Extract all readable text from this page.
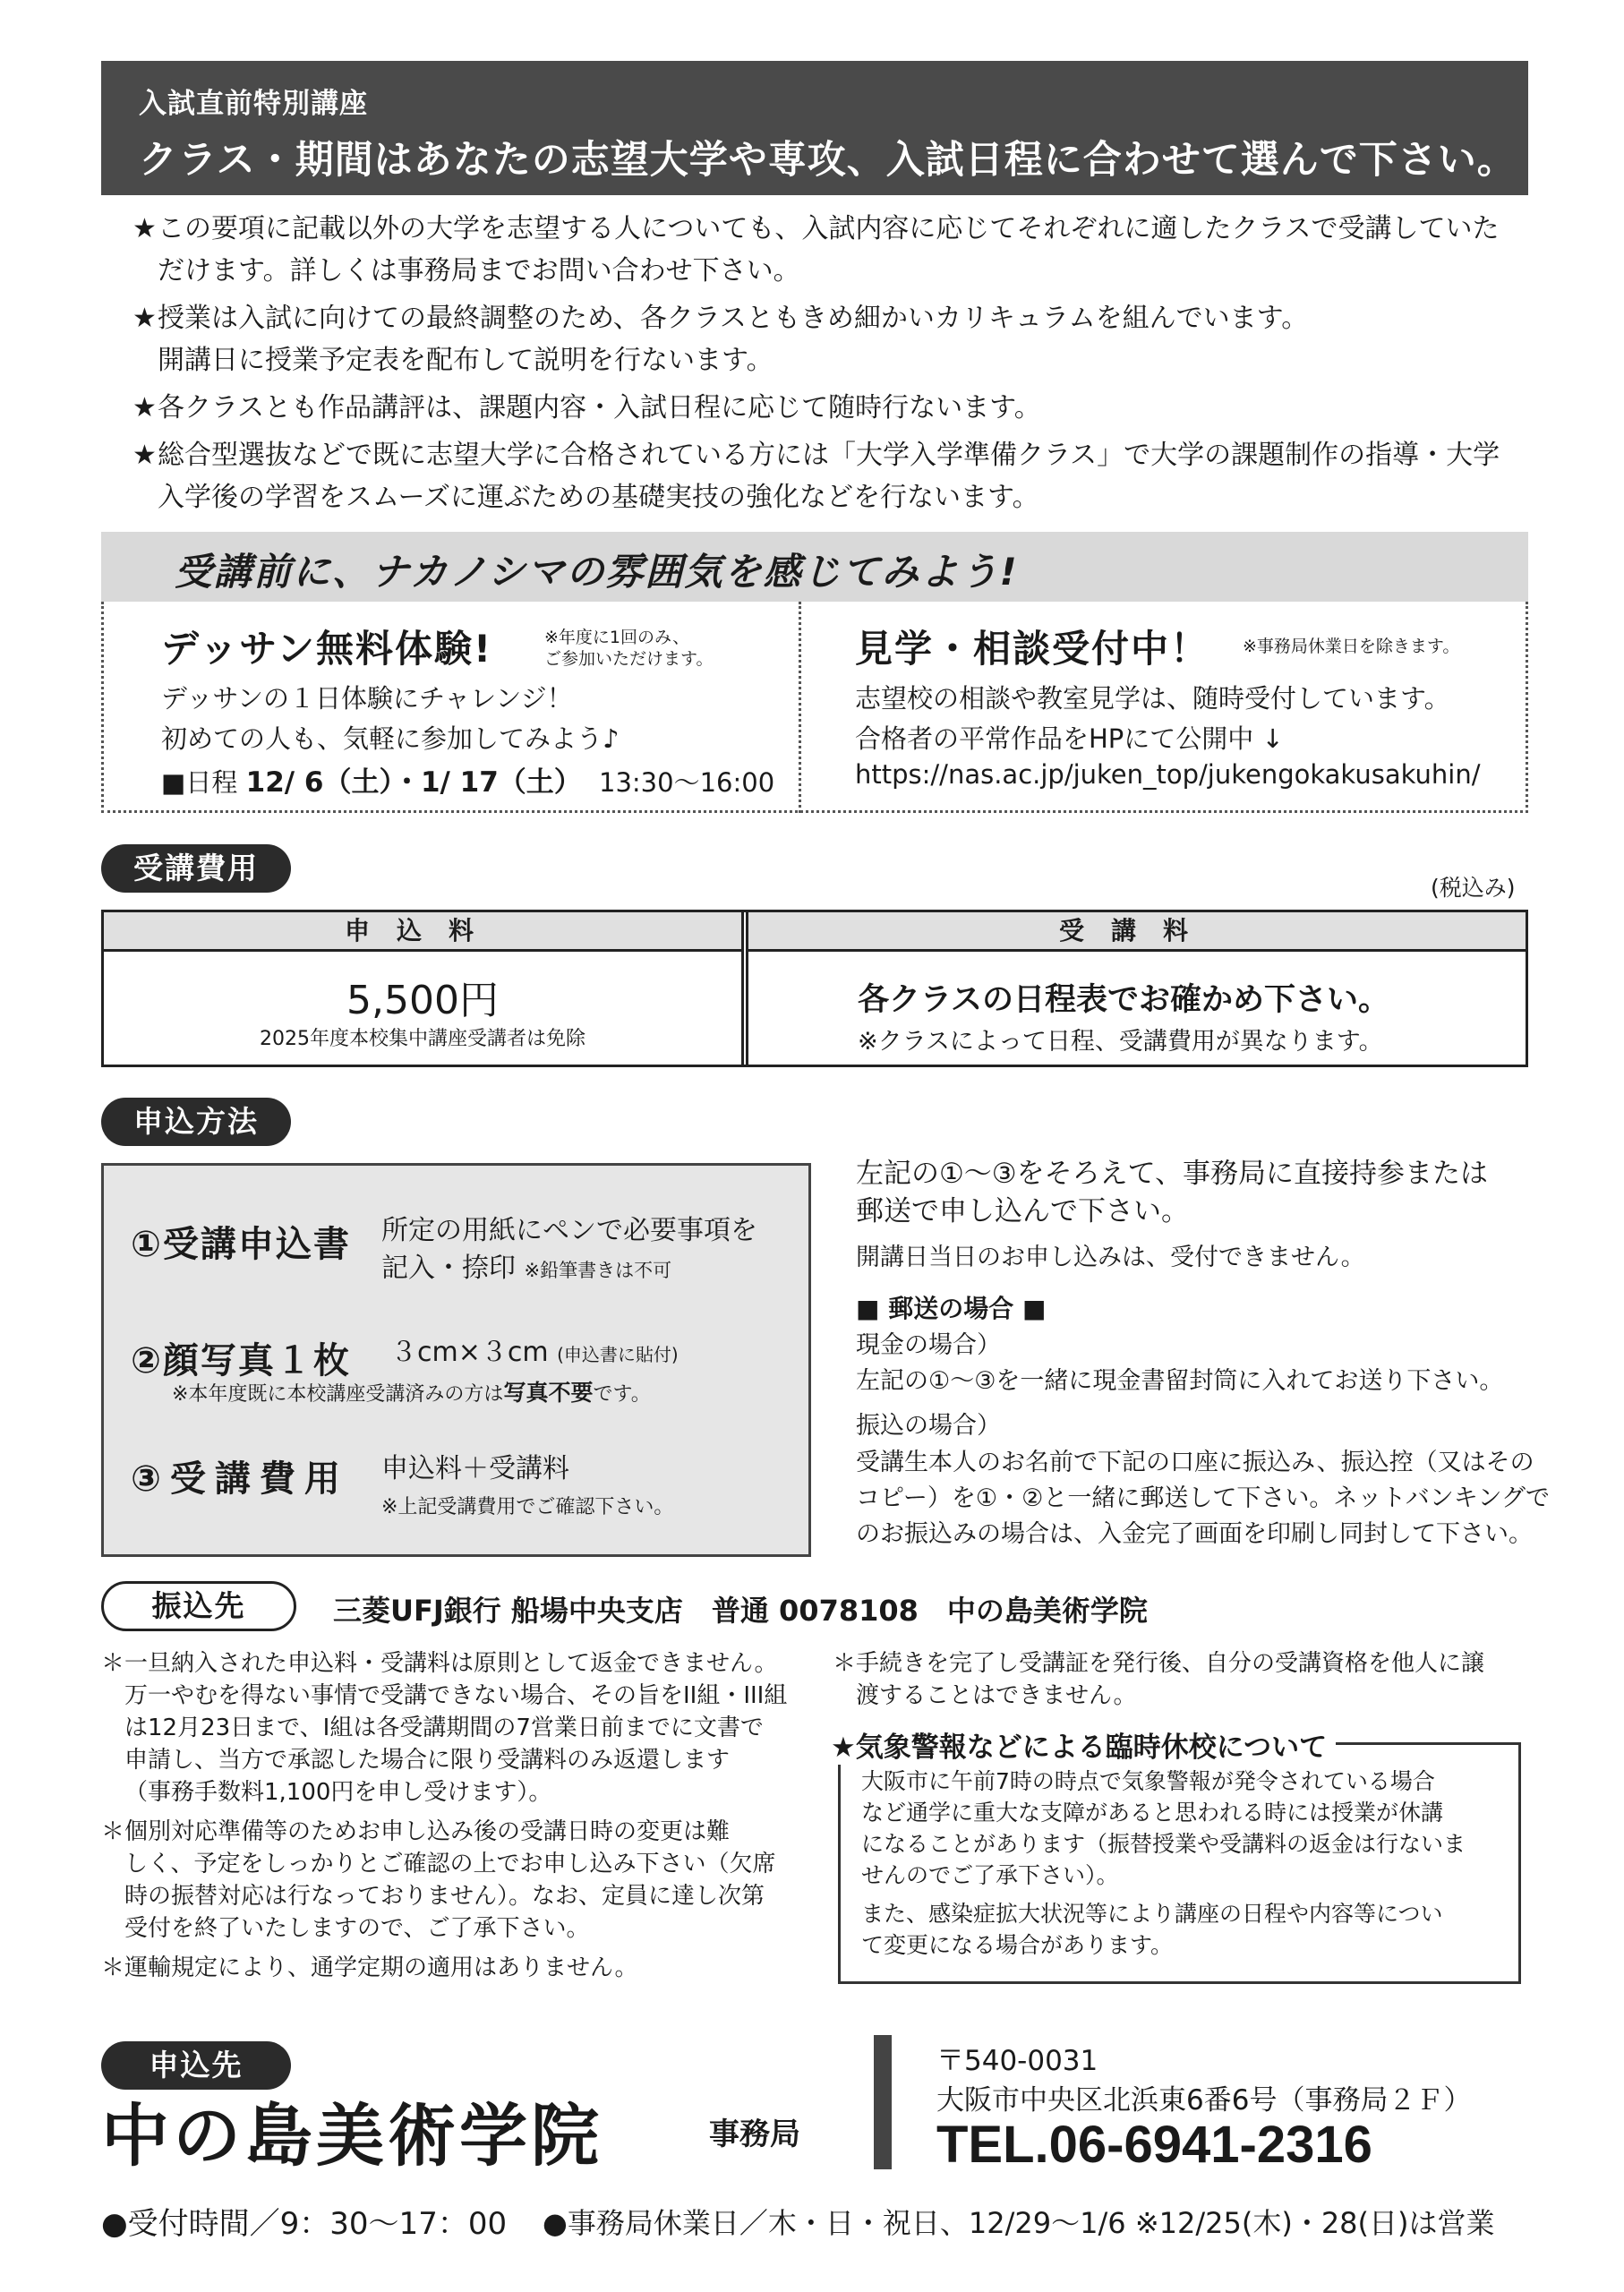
入試直前特別講座
クラス・期間はあなたの志望大学や専攻、入試日程に合わせて選んで下さい。
★ この要項に記載以外の大学を志望する人についても、入試内容に応じてそれぞれに適したクラスで受講していた
だけます。詳しくは事務局までお問い合わせ下さい。
★ 授業は入試に向けての最終調整のため、各クラスともきめ細かいカリキュラムを組んでいます。
開講日に授業予定表を配布して説明を行ないます。
★ 各クラスとも作品講評は、課題内容・入試日程に応じて随時行ないます。
★ 総合型選抜などで既に志望大学に合格されている方には「大学入学準備クラス」で大学の課題制作の指導・大学
入学後の学習をスムーズに運ぶための基礎実技の強化などを行ないます。
受講前に、ナカノシマの雰囲気を感じてみよう!
デッサン無料体験!	※年度に1回のみ、
ご参加いただけます。
デッサンの１日体験にチャレンジ！
初めての人も、気軽に参加してみよう♪
■日程 12/ 6（土）・1/ 17（土） 13:30〜16:00
見学・相談受付中！ ※事務局休業日を除きます。
志望校の相談や教室見学は、随時受付しています。
合格者の平常作品をHPにて公開中 ↓
https://nas.ac.jp/juken_top/jukengokakusakuhin/
受講費用
(税込み)
申込料	受講料
5,500円
2025年度本校集中講座受講者は免除
各クラスの日程表でお確かめ下さい。
※クラスによって日程、受講費用が異なります。
申込方法
①受講申込書 所定の用紙にペンで必要事項を
記入・捺印 ※鉛筆書きは不可
②顔写真１枚 ３cm×３cm (申込書に貼付)
※本年度既に本校講座受講済みの方は写真不要です。
③受講費用 申込料＋受講料
※上記受講費用でご確認下さい。
左記の①〜③をそろえて、事務局に直接持参または
郵送で申し込んで下さい。
開講日当日のお申し込みは、受付できません。
■ 郵送の場合 ■
現金の場合）
左記の①〜③を一緒に現金書留封筒に入れてお送り下さい。
振込の場合）
受講生本人のお名前で下記の口座に振込み、振込控（又はその
コピー）を①・②と一緒に郵送して下さい。ネットバンキングで
のお振込みの場合は、入金完了画面を印刷し同封して下さい。
振込先	三菱UFJ銀行 船場中央支店　普通 0078108　中の島美術学院
＊ 一旦納入された申込料・受講料は原則として返金できません。
万一やむを得ない事情で受講できない場合、その旨をII組・III組
は12月23日まで、I組は各受講期間の7営業日前までに文書で
申請し、当方で承認した場合に限り受講料のみ返還します
（事務手数料1,100円を申し受けます）。
＊ 個別対応準備等のためお申し込み後の受講日時の変更は難
しく、予定をしっかりとご確認の上でお申し込み下さい（欠席
時の振替対応は行なっておりません）。なお、定員に達し次第
受付を終了いたしますので、ご了承下さい。
＊ 運輸規定により、通学定期の適用はありません。
＊ 手続きを完了し受講証を発行後、自分の受講資格を他人に譲
渡することはできません。
★気象警報などによる臨時休校について
大阪市に午前7時の時点で気象警報が発令されている場合
など通学に重大な支障があると思われる時には授業が休講
になることがあります（振替授業や受講料の返金は行ないま
せんのでご了承下さい）。
また、感染症拡大状況等により講座の日程や内容等につい
て変更になる場合があります。
申込先
中の島美術学院	事務局
〒540-0031
大阪市中央区北浜東6番6号（事務局２Ｆ）
TEL.06-6941-2316
●受付時間／9：30〜17：00 ●事務局休業日／木・日・祝日、12/29〜1/6 ※12/25(木)・28(日)は営業
